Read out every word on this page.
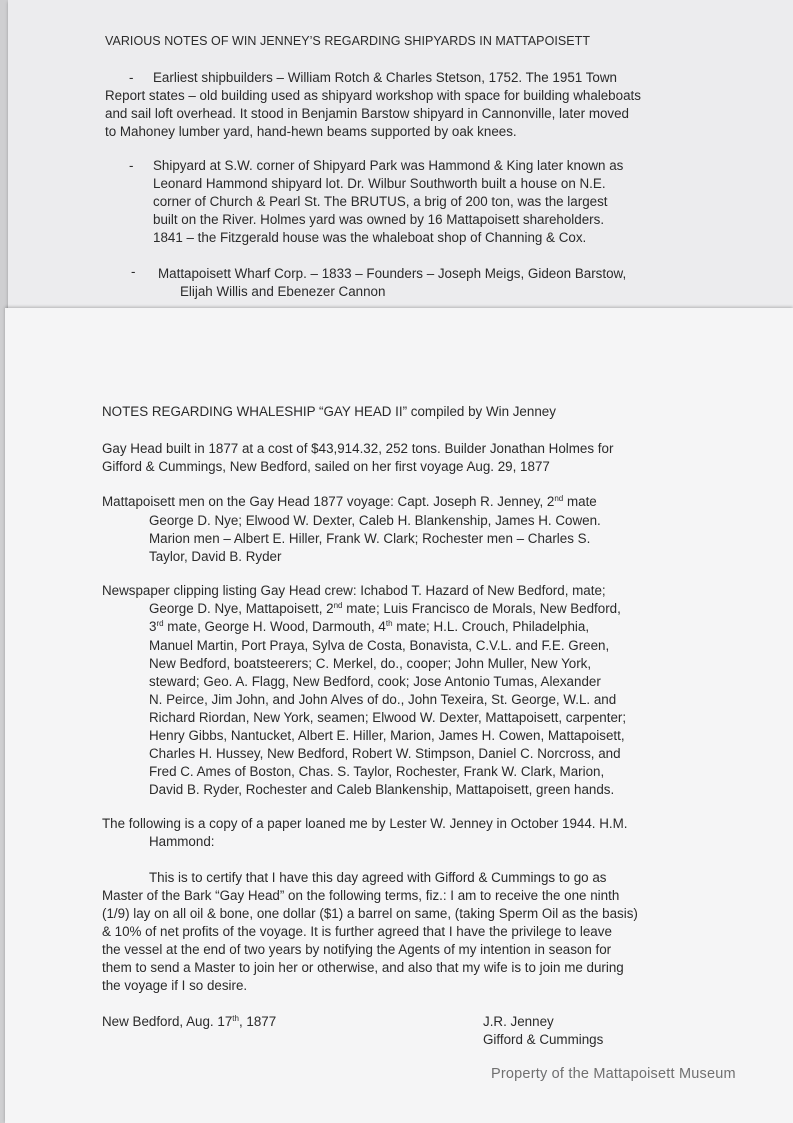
VARIOUS NOTES OF WIN JENNEY’S REGARDING SHIPYARDS IN MATTAPOISETT

- Earliest shipbuilders – William Rotch & Charles Stetson, 1752. The 1951 Town

Report states – old building used as shipyard workshop with space for building whaleboats

and sail loft overhead. It stood in Benjamin Barstow shipyard in Cannonville, later moved

to Mahoney lumber yard, hand-hewn beams supported by oak knees.

- Shipyard at S.W. corner of Shipyard Park was Hammond & King later known as

Leonard Hammond shipyard lot. Dr. Wilbur Southworth built a house on N.E.

corner of Church & Pearl St. The BRUTUS, a brig of 200 ton, was the largest

built on the River. Holmes yard was owned by 16 Mattapoisett shareholders.

1841 – the Fitzgerald house was the whaleboat shop of Channing & Cox.

- Mattapoisett Wharf Corp. – 1833 – Founders – Joseph Meigs, Gideon Barstow,

Elijah Willis and Ebenezer Cannon

NOTES REGARDING WHALESHIP “GAY HEAD II” compiled by Win Jenney

Gay Head built in 1877 at a cost of $43,914.32, 252 tons. Builder Jonathan Holmes for

Gifford & Cummings, New Bedford, sailed on her first voyage Aug. 29, 1877

Mattapoisett men on the Gay Head 1877 voyage: Capt. Joseph R. Jenney, 2nd mate

George D. Nye; Elwood W. Dexter, Caleb H. Blankenship, James H. Cowen.

Marion men – Albert E. Hiller, Frank W. Clark; Rochester men – Charles S.

Taylor, David B. Ryder

Newspaper clipping listing Gay Head crew: Ichabod T. Hazard of New Bedford, mate;

George D. Nye, Mattapoisett, 2nd mate; Luis Francisco de Morals, New Bedford,

3rd mate, George H. Wood, Darmouth, 4th mate; H.L. Crouch, Philadelphia,

Manuel Martin, Port Praya, Sylva de Costa, Bonavista, C.V.L. and F.E. Green,

New Bedford, boatsteerers; C. Merkel, do., cooper; John Muller, New York,

steward; Geo. A. Flagg, New Bedford, cook; Jose Antonio Tumas, Alexander

N. Peirce, Jim John, and John Alves of do., John Texeira, St. George, W.L. and

Richard Riordan, New York, seamen; Elwood W. Dexter, Mattapoisett, carpenter;

Henry Gibbs, Nantucket, Albert E. Hiller, Marion, James H. Cowen, Mattapoisett,

Charles H. Hussey, New Bedford, Robert W. Stimpson, Daniel C. Norcross, and

Fred C. Ames of Boston, Chas. S. Taylor, Rochester, Frank W. Clark, Marion,

David B. Ryder, Rochester and Caleb Blankenship, Mattapoisett, green hands.

The following is a copy of a paper loaned me by Lester W. Jenney in October 1944. H.M.

Hammond:

This is to certify that I have this day agreed with Gifford & Cummings to go as

Master of the Bark “Gay Head” on the following terms, fiz.: I am to receive the one ninth

(1/9) lay on all oil & bone, one dollar ($1) a barrel on same, (taking Sperm Oil as the basis)

& 10% of net profits of the voyage. It is further agreed that I have the privilege to leave

the vessel at the end of two years by notifying the Agents of my intention in season for

them to send a Master to join her or otherwise, and also that my wife is to join me during

the voyage if I so desire.

New Bedford, Aug. 17th, 1877	J.R. Jenney

Gifford & Cummings

Property of the Mattapoisett Museum
